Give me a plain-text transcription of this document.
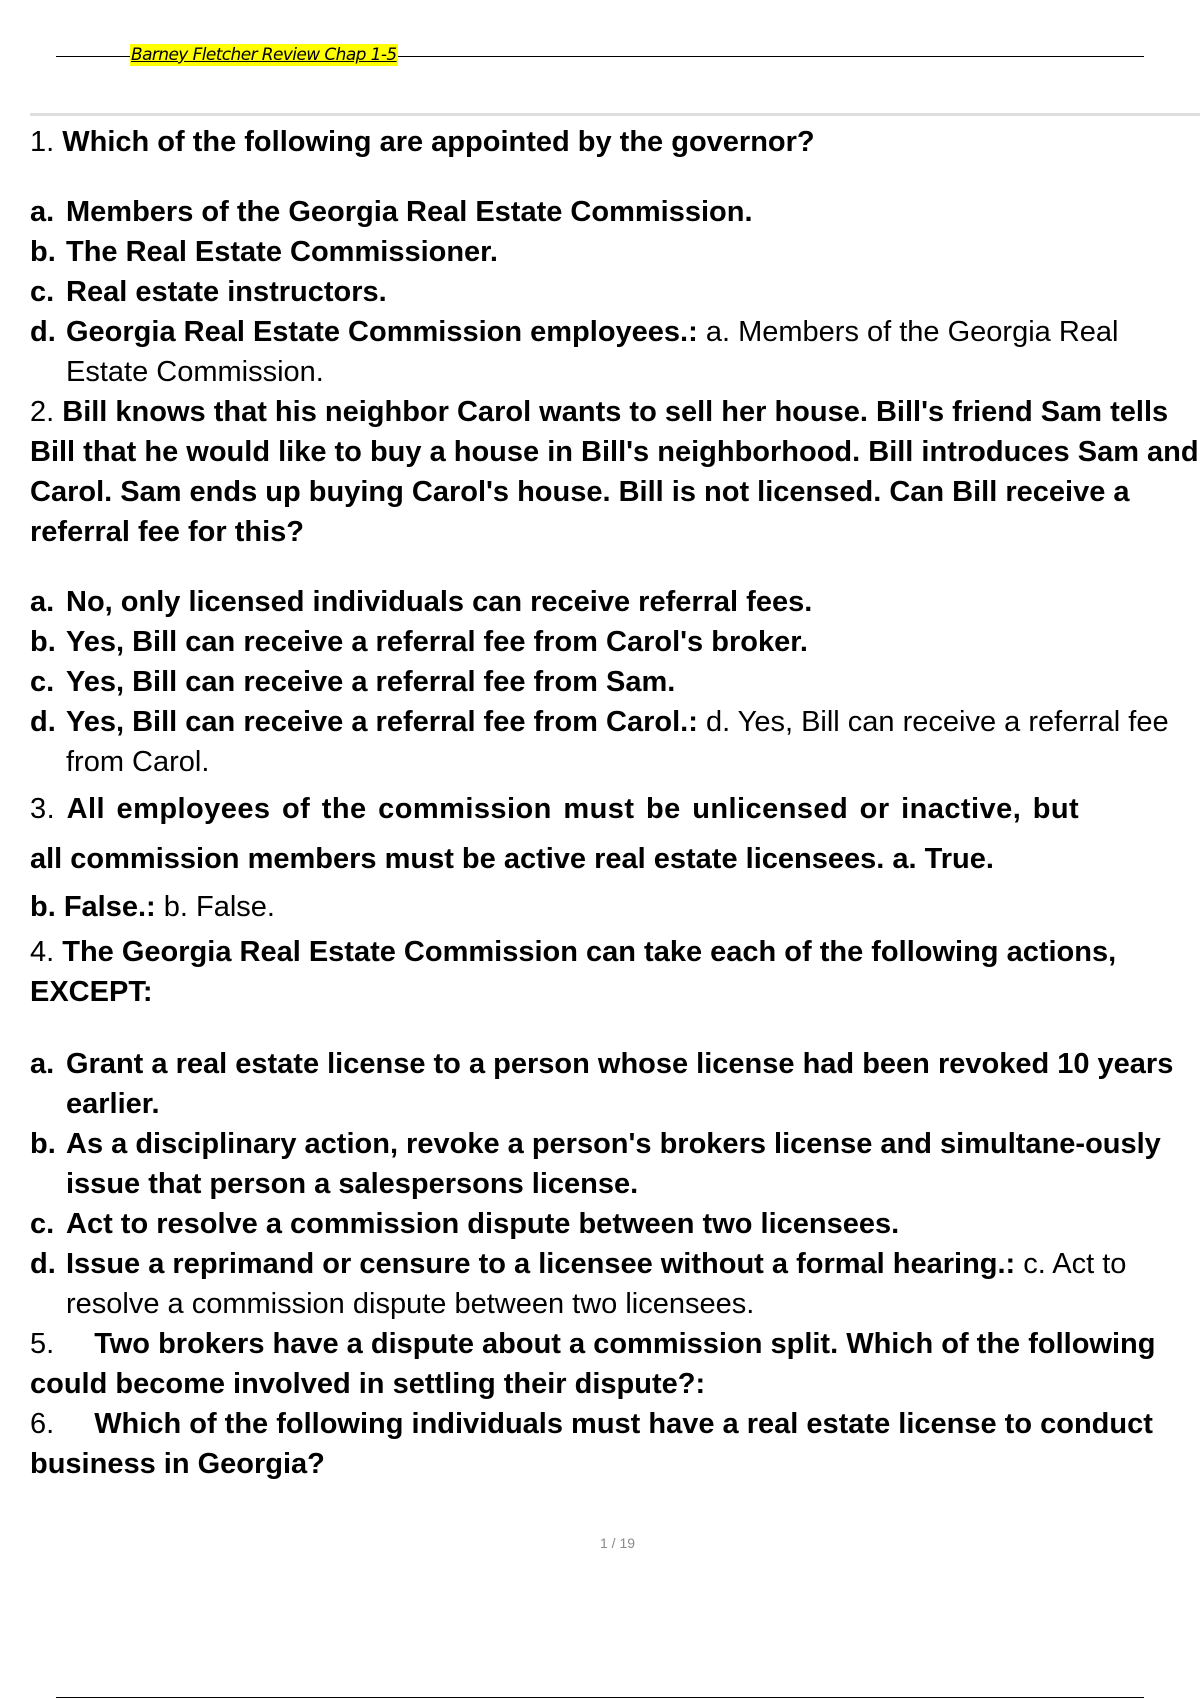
Barney Fletcher Review Chap 1-5
1. Which of the following are appointed by the governor?
a. Members of the Georgia Real Estate Commission.
b. The Real Estate Commissioner.
c. Real estate instructors.
d. Georgia Real Estate Commission employees.: a. Members of the Georgia Real Estate Commission.
2. Bill knows that his neighbor Carol wants to sell her house. Bill's friend Sam tells Bill that he would like to buy a house in Bill's neighborhood. Bill introduces Sam and Carol. Sam ends up buying Carol's house. Bill is not licensed. Can Bill receive a referral fee for this?
a. No, only licensed individuals can receive referral fees.
b. Yes, Bill can receive a referral fee from Carol's broker.
c. Yes, Bill can receive a referral fee from Sam.
d. Yes, Bill can receive a referral fee from Carol.: d. Yes, Bill can receive a referral fee from Carol.
3. All employees of the commission must be unlicensed or inactive, but
all commission members must be active real estate licensees. a. True.
b. False.: b. False.
4. The Georgia Real Estate Commission can take each of the following actions, EXCEPT:
a. Grant a real estate license to a person whose license had been revoked 10 years earlier.
b. As a disciplinary action, revoke a person's brokers license and simultane-ously issue that person a salespersons license.
c. Act to resolve a commission dispute between two licensees.
d. Issue a reprimand or censure to a licensee without a formal hearing.: c. Act to resolve a commission dispute between two licensees.
5. Two brokers have a dispute about a commission split. Which of the following could become involved in settling their dispute?:
6. Which of the following individuals must have a real estate license to conduct business in Georgia?
1 / 19
